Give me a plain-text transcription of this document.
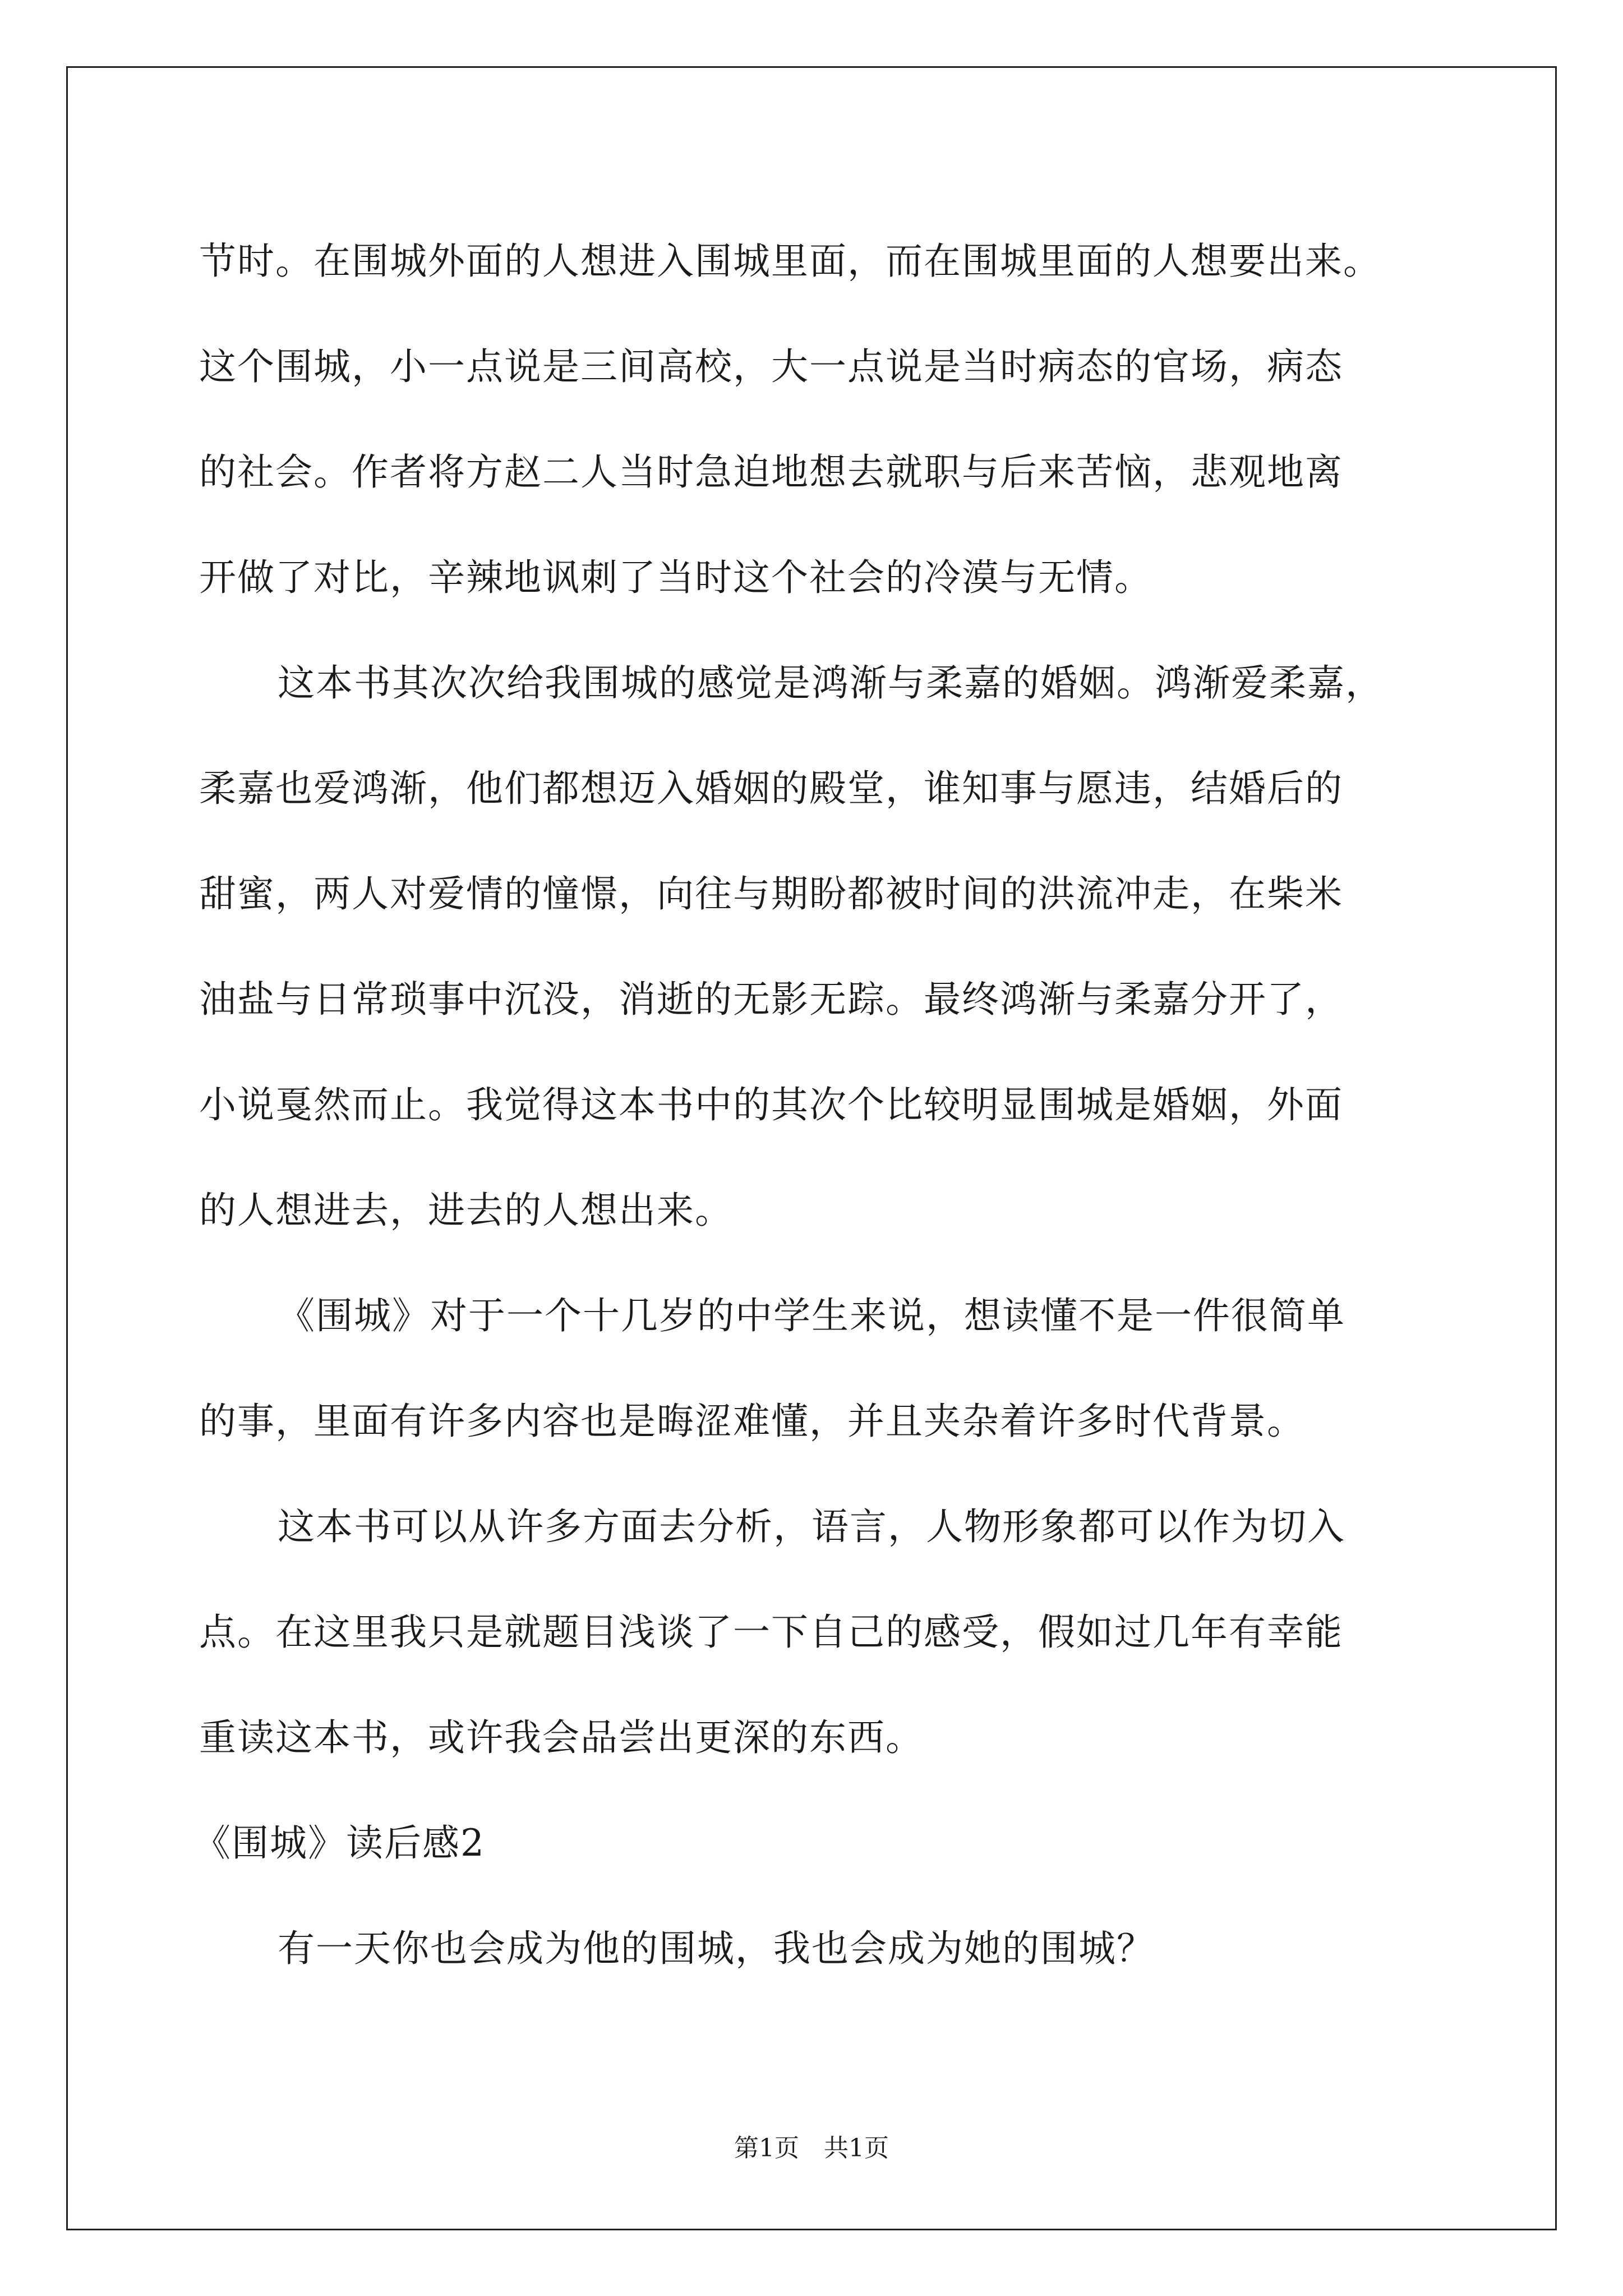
节时。在围城外面的人想进入围城里面，而在围城里面的人想要出来。
这个围城，小一点说是三间高校，大一点说是当时病态的官场，病态
的社会。作者将方赵二人当时急迫地想去就职与后来苦恼，悲观地离
开做了对比，辛辣地讽刺了当时这个社会的冷漠与无情。
这本书其次次给我围城的感觉是鸿渐与柔嘉的婚姻。鸿渐爱柔嘉，
柔嘉也爱鸿渐，他们都想迈入婚姻的殿堂，谁知事与愿违，结婚后的
甜蜜，两人对爱情的憧憬，向往与期盼都被时间的洪流冲走，在柴米
油盐与日常琐事中沉没，消逝的无影无踪。最终鸿渐与柔嘉分开了，
小说戛然而止。我觉得这本书中的其次个比较明显围城是婚姻，外面
的人想进去，进去的人想出来。
《围城》对于一个十几岁的中学生来说，想读懂不是一件很简单
的事，里面有许多内容也是晦涩难懂，并且夹杂着许多时代背景。
这本书可以从许多方面去分析，语言，人物形象都可以作为切入
点。在这里我只是就题目浅谈了一下自己的感受，假如过几年有幸能
重读这本书，或许我会品尝出更深的东西。
《围城》读后感2
有一天你也会成为他的围城，我也会成为她的围城？
第1页　共1页
